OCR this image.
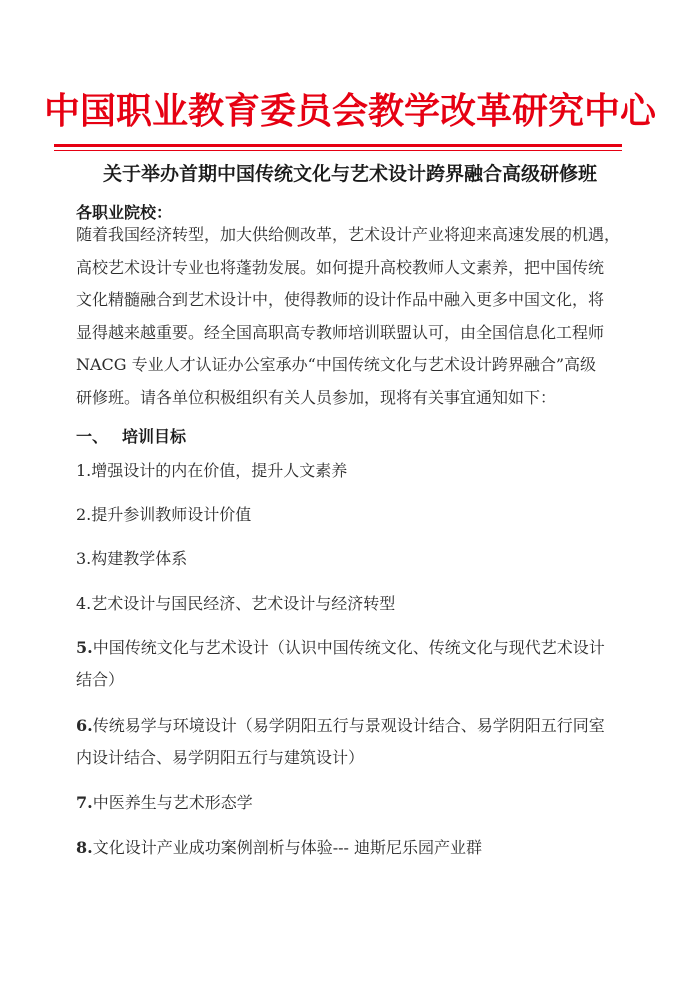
中国职业教育委员会教学改革研究中心
关于举办首期中国传统文化与艺术设计跨界融合高级研修班

各职业院校：

随着我国经济转型，加大供给侧改革，艺术设计产业将迎来高速发展的机遇，

高校艺术设计专业也将蓬勃发展。如何提升高校教师人文素养，把中国传统

文化精髓融合到艺术设计中，使得教师的设计作品中融入更多中国文化，将

显得越来越重要。经全国高职高专教师培训联盟认可，由全国信息化工程师

NACG 专业人才认证办公室承办“中国传统文化与艺术设计跨界融合”高级

研修班。请各单位积极组织有关人员参加，现将有关事宜通知如下：

一、 培训目标

1.增强设计的内在价值，提升人文素养

2.提升参训教师设计价值

3.构建教学体系

4.艺术设计与国民经济、艺术设计与经济转型

5.中国传统文化与艺术设计（认识中国传统文化、传统文化与现代艺术设计

结合）

6.传统易学与环境设计（易学阴阳五行与景观设计结合、易学阴阳五行同室

内设计结合、易学阴阳五行与建筑设计）

7.中医养生与艺术形态学

8.文化设计产业成功案例剖析与体验--- 迪斯尼乐园产业群
